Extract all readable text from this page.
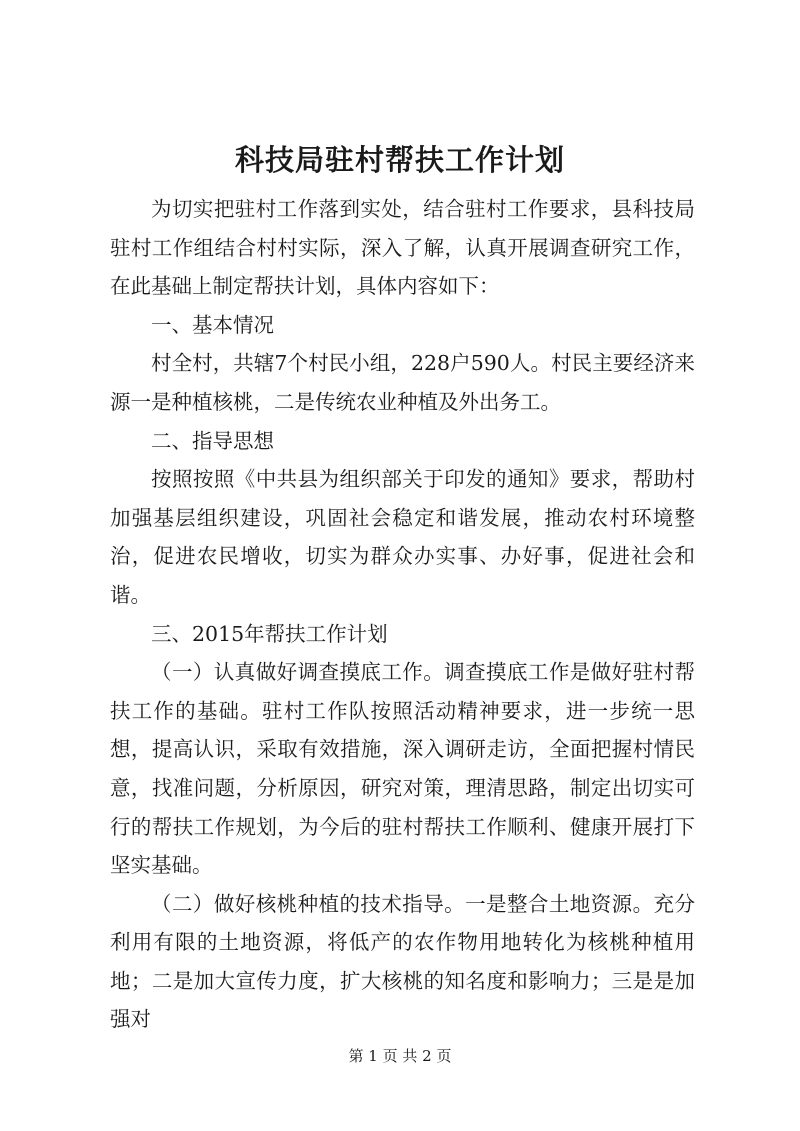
科技局驻村帮扶工作计划

为切实把驻村工作落到实处，结合驻村工作要求，县科技局驻村工作组结合村村实际，深入了解，认真开展调查研究工作，在此基础上制定帮扶计划，具体内容如下：

一、基本情况

村全村，共辖7个村民小组，228户590人。村民主要经济来源一是种植核桃，二是传统农业种植及外出务工。

二、指导思想

按照按照《中共县为组织部关于印发的通知》要求，帮助村加强基层组织建设，巩固社会稳定和谐发展，推动农村环境整治，促进农民增收，切实为群众办实事、办好事，促进社会和谐。

三、2015年帮扶工作计划

（一）认真做好调查摸底工作。调查摸底工作是做好驻村帮扶工作的基础。驻村工作队按照活动精神要求，进一步统一思想，提高认识，采取有效措施，深入调研走访，全面把握村情民意，找准问题，分析原因，研究对策，理清思路，制定出切实可行的帮扶工作规划，为今后的驻村帮扶工作顺利、健康开展打下坚实基础。

（二）做好核桃种植的技术指导。一是整合土地资源。充分利用有限的土地资源，将低产的农作物用地转化为核桃种植用地；二是加大宣传力度，扩大核桃的知名度和影响力；三是是加强对

第 1 页 共 2 页
